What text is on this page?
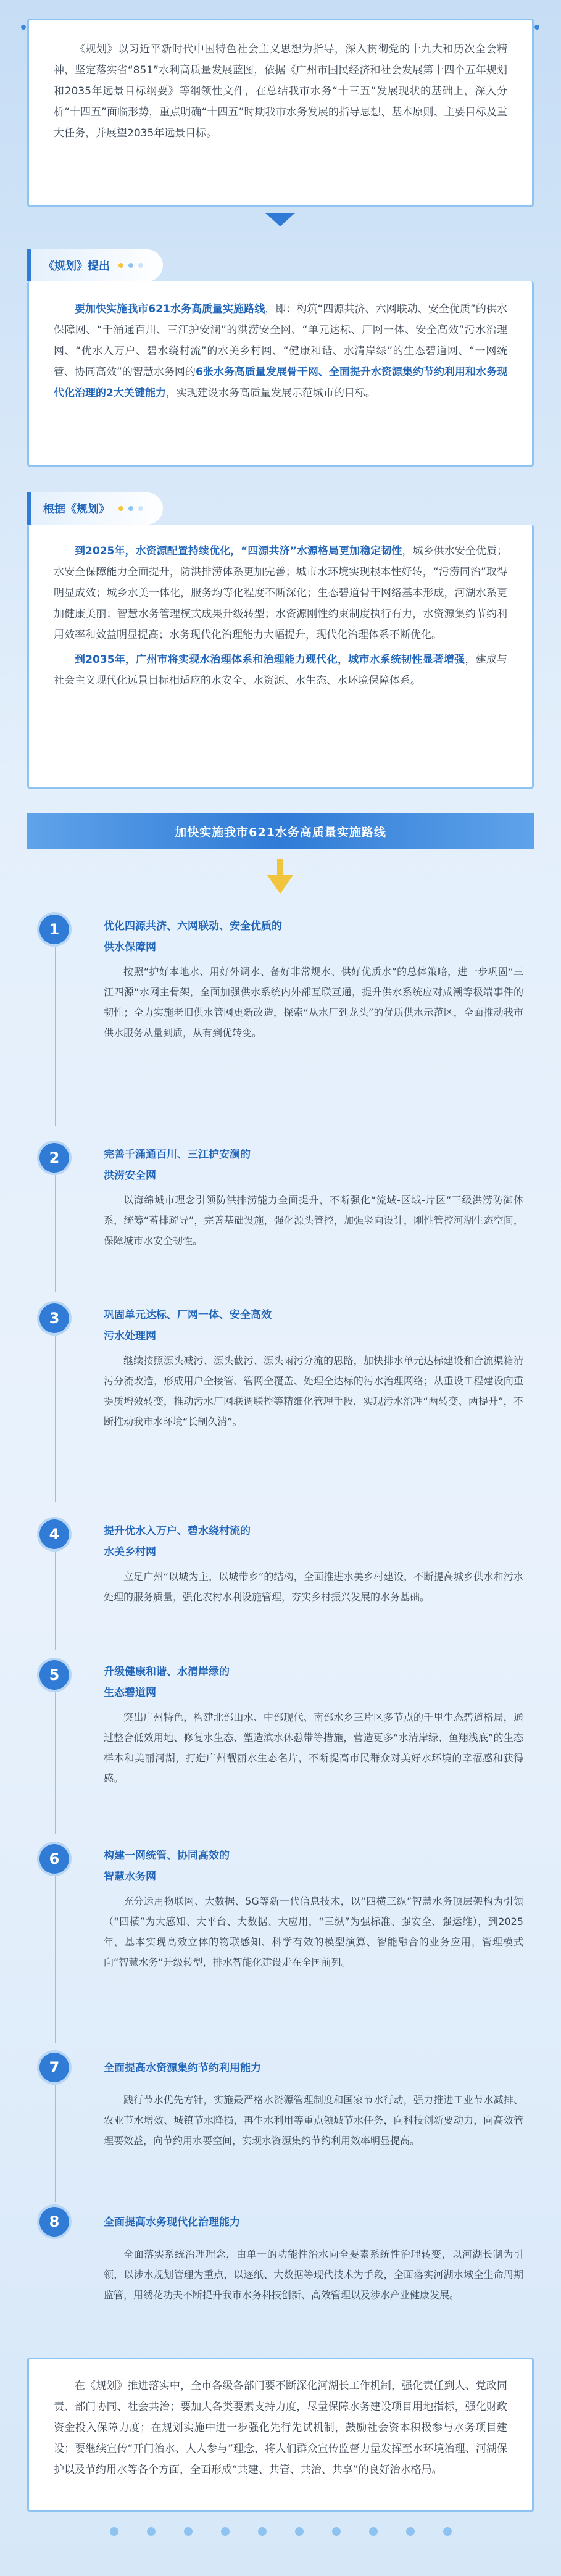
《规划》以习近平新时代中国特色社会主义思想为指导，深入贯彻党的十九大和历次全会精神，坚定落实省“851”水利高质量发展蓝图，依据《广州市国民经济和社会发展第十四个五年规划和2035年远景目标纲要》等纲领性文件，在总结我市水务“十三五”发展现状的基础上，深入分析“十四五”面临形势，重点明确“十四五”时期我市水务发展的指导思想、基本原则、主要目标及重大任务，并展望2035年远景目标。

《规划》提出

要加快实施我市621水务高质量实施路线，即：构筑“四源共济、六网联动、安全优质”的供水保障网、“千涌通百川、三江护安澜”的洪涝安全网、“单元达标、厂网一体、安全高效”污水治理网、“优水入万户、碧水绕村流”的水美乡村网、“健康和谐、水清岸绿”的生态碧道网、“一网统管、协同高效”的智慧水务网的6张水务高质量发展骨干网、全面提升水资源集约节约利用和水务现代化治理的2大关键能力，实现建设水务高质量发展示范城市的目标。

根据《规划》

到2025年，水资源配置持续优化，“四源共济”水源格局更加稳定韧性，城乡供水安全优质；水安全保障能力全面提升，防洪排涝体系更加完善；城市水环境实现根本性好转，“污涝同治”取得明显成效；城乡水美一体化，服务均等化程度不断深化；生态碧道骨干网络基本形成，河湖水系更加健康美丽；智慧水务管理模式成果升级转型；水资源刚性约束制度执行有力，水资源集约节约利用效率和效益明显提高；水务现代化治理能力大幅提升，现代化治理体系不断优化。

到2035年，广州市将实现水治理体系和治理能力现代化，城市水系统韧性显著增强，建成与社会主义现代化远景目标相适应的水安全、水资源、水生态、水环境保障体系。

加快实施我市621水务高质量实施路线
1	优化四源共济、六网联动、安全优质的
供水保障网

按照“护好本地水、用好外调水、备好非常规水、供好优质水”的总体策略，进一步巩固“三江四源”水网主骨架，全面加强供水系统内外部互联互通，提升供水系统应对咸潮等极端事件的韧性；全力实施老旧供水管网更新改造，探索“从水厂到龙头”的优质供水示范区，全面推动我市供水服务从量到质，从有到优转变。

2	完善千涌通百川、三江护安澜的
洪涝安全网

以海绵城市理念引领防洪排涝能力全面提升，不断强化“流域-区域-片区”三级洪涝防御体系，统筹“蓄排疏导”，完善基础设施，强化源头管控，加强竖向设计，刚性管控河湖生态空间，保障城市水安全韧性。

3	巩固单元达标、厂网一体、安全高效
污水处理网

继续按照源头减污、源头截污、源头雨污分流的思路，加快排水单元达标建设和合流渠箱清污分流改造，形成用户全接管、管网全覆盖、处理全达标的污水治理网络；从重设工程建设向重提质增效转变，推动污水厂网联调联控等精细化管理手段，实现污水治理“两转变、两提升”，不断推动我市水环境“长制久清”。

4	提升优水入万户、碧水绕村流的
水美乡村网

立足广州“以城为主，以城带乡”的结构，全面推进水美乡村建设，不断提高城乡供水和污水处理的服务质量，强化农村水利设施管理，夯实乡村振兴发展的水务基础。

5	升级健康和谐、水清岸绿的
生态碧道网

突出广州特色，构建北部山水、中部现代、南部水乡三片区多节点的千里生态碧道格局，通过整合低效用地、修复水生态、塑造滨水休憩带等措施，营造更多“水清岸绿、鱼翔浅底”的生态样本和美丽河湖，打造广州靓丽水生态名片，不断提高市民群众对美好水环境的幸福感和获得感。

6	构建一网统管、协同高效的
智慧水务网

充分运用物联网、大数据、5G等新一代信息技术，以“四横三纵”智慧水务顶层架构为引领（“四横”为大感知、大平台、大数据、大应用，“三纵”为强标准、强安全、强运维），到2025年，基本实现高效立体的物联感知、科学有效的模型演算、智能融合的业务应用，管理模式向“智慧水务”升级转型，排水智能化建设走在全国前列。

7	全面提高水资源集约节约利用能力

践行节水优先方针，实施最严格水资源管理制度和国家节水行动，强力推进工业节水减排、农业节水增效、城镇节水降损，再生水利用等重点领域节水任务，向科技创新要动力，向高效管理要效益，向节约用水要空间，实现水资源集约节约利用效率明显提高。

8	全面提高水务现代化治理能力

全面落实系统治理理念，由单一的功能性治水向全要素系统性治理转变，以河湖长制为引领，以涉水规划管理为重点，以逐纸、大数据等现代技术为手段，全面落实河湖水域全生命周期监管，用绣花功夫不断提升我市水务科技创新、高效管理以及涉水产业健康发展。

在《规划》推进落实中，全市各级各部门要不断深化河湖长工作机制，强化责任到人、党政同责、部门协同、社会共治；要加大各类要素支持力度，尽量保障水务建设项目用地指标，强化财政资金投入保障力度；在规划实施中进一步强化先行先试机制，鼓励社会资本积极参与水务项目建设；要继续宣传“开门治水、人人参与”理念，将人们群众宣传监督力量发挥至水环境治理、河湖保护以及节约用水等各个方面，全面形成“共建、共管、共治、共享”的良好治水格局。
